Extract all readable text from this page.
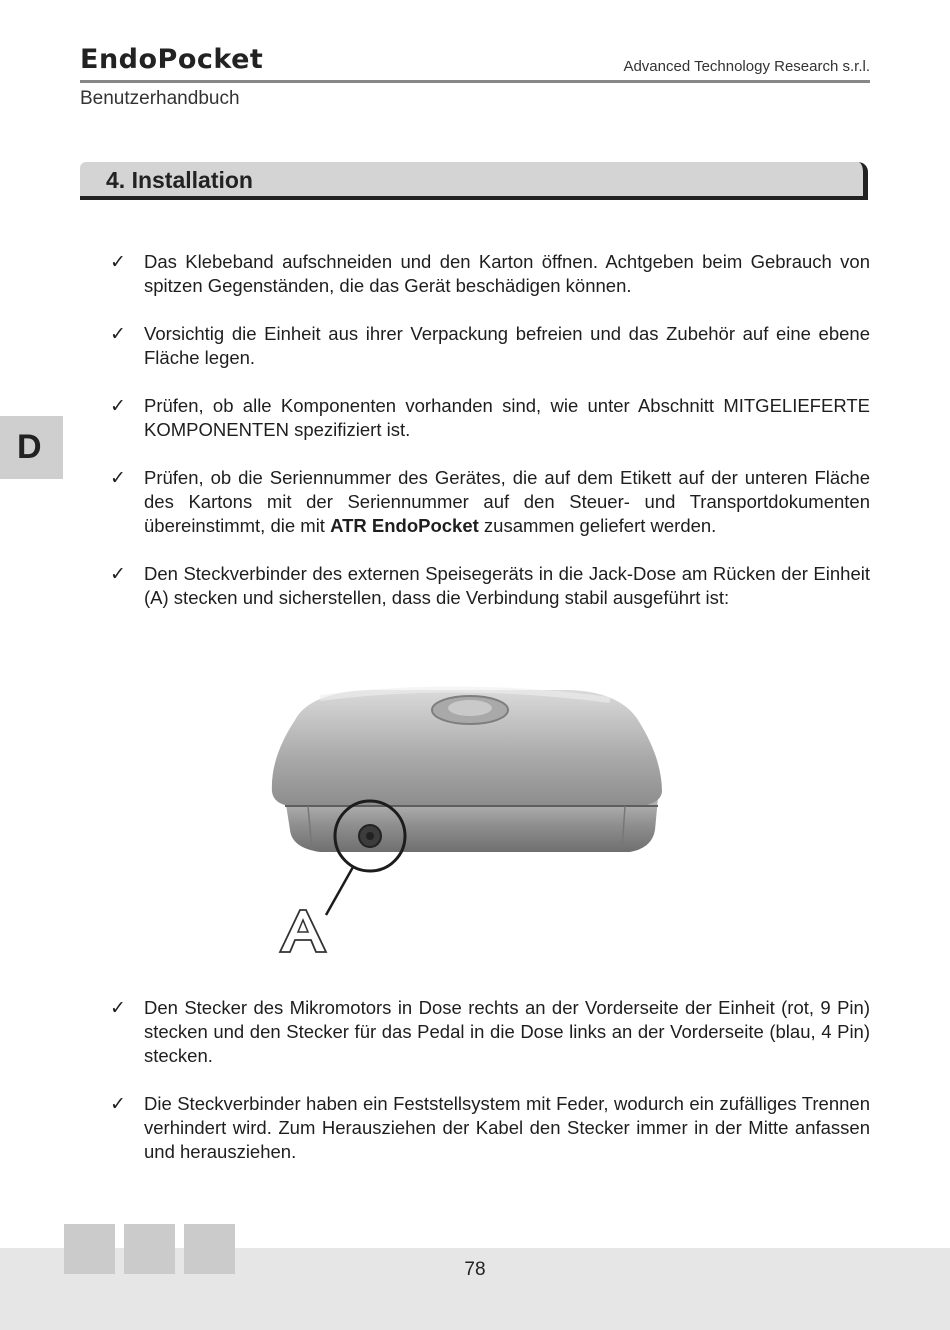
EndoPocket	Advanced Technology Research s.r.l.
Benutzerhandbuch
4. Installation
D
✓ Das Klebeband aufschneiden und den Karton öffnen. Achtgeben beim Gebrauch von spitzen Gegenständen, die das Gerät beschädigen können.
✓ Vorsichtig die Einheit aus ihrer Verpackung befreien und das Zubehör auf eine ebene Fläche legen.
✓ Prüfen, ob alle Komponenten vorhanden sind, wie unter Abschnitt MITGELIEFERTE KOMPONENTEN spezifiziert ist.
✓ Prüfen, ob die Seriennummer des Gerätes, die auf dem Etikett auf der unteren Fläche des Kartons mit der Seriennummer auf den Steuer- und Transportdokumenten übereinstimmt, die mit ATR EndoPocket zusammen geliefert werden.
✓ Den Steckverbinder des externen Speisegeräts in die Jack-Dose am Rücken der Einheit (A) stecken und sicherstellen, dass die Verbindung stabil ausgeführt ist:
✓ Den Stecker des Mikromotors in Dose rechts an der Vorderseite der Einheit (rot, 9 Pin) stecken und den Stecker für das Pedal in die Dose links an der Vorderseite (blau, 4 Pin) stecken.
✓ Die Steckverbinder haben ein Feststellsystem mit Feder, wodurch ein zufälliges Trennen verhindert wird. Zum Herausziehen der Kabel den Stecker immer in der Mitte anfassen und herausziehen.
78
